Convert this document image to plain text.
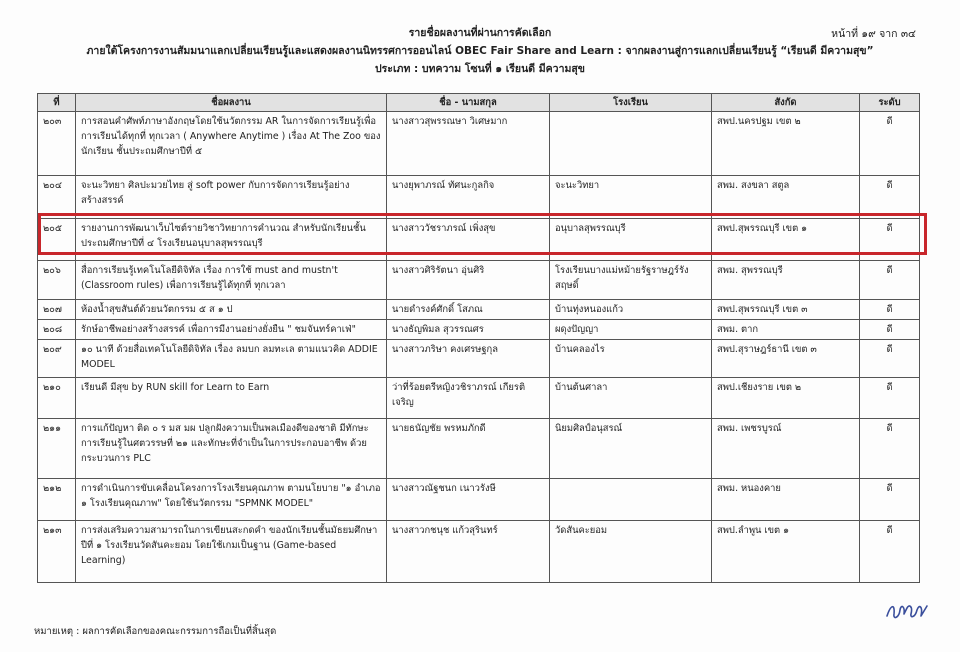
หน้าที่ ๑๙ จาก ๓๔
รายชื่อผลงานที่ผ่านการคัดเลือก
ภายใต้โครงการงานสัมมนาแลกเปลี่ยนเรียนรู้และแสดงผลงานนิทรรศการออนไลน์ OBEC Fair Share and Learn : จากผลงานสู่การแลกเปลี่ยนเรียนรู้ “เรียนดี มีความสุข”
ประเภท : บทความ โซนที่ ๑ เรียนดี มีความสุข
ที่	ชื่อผลงาน	ชื่อ - นามสกุล	โรงเรียน	สังกัด	ระดับ
๒๐๓	การสอนคำศัพท์ภาษาอังกฤษโดยใช้นวัตกรรม AR ในการจัดการเรียนรู้เพื่อการเรียนได้ทุกที่ ทุกเวลา ( Anywhere Anytime ) เรื่อง At The Zoo ของนักเรียน ชั้นประถมศึกษาปีที่ ๕	นางสาวสุพรรณษา วิเศษมาก		สพป.นครปฐม เขต ๒	ดี
๒๐๔	จะนะวิทยา ศิลปะมวยไทย สู่ soft power กับการจัดการเรียนรู้อย่างสร้างสรรค์	นางยุพาภรณ์ ทัศนะกูลกิจ	จะนะวิทยา	สพม. สงขลา สตูล	ดี
๒๐๕	รายงานการพัฒนาเว็บไซต์รายวิชาวิทยาการคำนวณ สำหรับนักเรียนชั้นประถมศึกษาปีที่ ๔ โรงเรียนอนุบาลสุพรรณบุรี	นางสาววัชราภรณ์ เพิ่งสุข	อนุบาลสุพรรณบุรี	สพป.สุพรรณบุรี เขต ๑	ดี
๒๐๖	สื่อการเรียนรู้เทคโนโลยีดิจิทัล เรื่อง การใช้ must and mustn't (Classroom rules) เพื่อการเรียนรู้ได้ทุกที่ ทุกเวลา	นางสาวศิริรัตนา อุ่นศิริ	โรงเรียนบางแม่หม้ายรัฐราษฎร์รังสฤษดิ์	สพม. สุพรรณบุรี	ดี
๒๐๗	ห้องน้ำสุขสันต์ด้วยนวัตกรรม ๕ ส ๑ ป	นายดำรงค์ศักดิ์ โสภณ	บ้านทุ่งหนองแก้ว	สพป.สุพรรณบุรี เขต ๓	ดี
๒๐๘	รักษ์อาชีพอย่างสร้างสรรค์ เพื่อการมีงานอย่างยั่งยืน " ชมจันทร์คาเฟ่"	นางธัญพิมล สุวรรณศร	ผดุงปัญญา	สพม. ตาก	ดี
๒๐๙	๑๐ นาที ด้วยสื่อเทคโนโลยีดิจิทัล เรื่อง ลมบก ลมทะเล ตามแนวคิด ADDIE MODEL	นางสาวภริษา คงเศรษฐกุล	บ้านคลองไร	สพป.สุราษฎร์ธานี เขต ๓	ดี
๒๑๐	เรียนดี มีสุข by RUN skill for Learn to Earn	ว่าที่ร้อยตรีหญิงวชิราภรณ์ เกียรติเจริญ	บ้านต้นศาลา	สพป.เชียงราย เขต ๒	ดี
๒๑๑	การแก้ปัญหา ติด ๐ ร มส มผ ปลูกฝังความเป็นพลเมืองดีของชาติ มีทักษะการเรียนรู้ในศตวรรษที่ ๒๑ และทักษะที่จำเป็นในการประกอบอาชีพ ด้วยกระบวนการ PLC	นายธนัญชัย พรหมภักดี	นิยมศิลป์อนุสรณ์	สพม. เพชรบูรณ์	ดี
๒๑๒	การดำเนินการขับเคลื่อนโครงการโรงเรียนคุณภาพ ตามนโยบาย "๑ อำเภอ ๑ โรงเรียนคุณภาพ" โดยใช้นวัตกรรม "SPMNK MODEL"	นางสาวณัฐชนก เนาวรังษี		สพม. หนองคาย	ดี
๒๑๓	การส่งเสริมความสามารถในการเขียนสะกดคำ ของนักเรียนชั้นมัธยมศึกษาปีที่ ๑ โรงเรียนวัดสันคะยอม โดยใช้เกมเป็นฐาน (Game-based Learning)	นางสาวกชนุช แก้วสุรินทร์	วัดสันคะยอม	สพป.ลำพูน เขต ๑	ดี
หมายเหตุ : ผลการคัดเลือกของคณะกรรมการถือเป็นที่สิ้นสุด
